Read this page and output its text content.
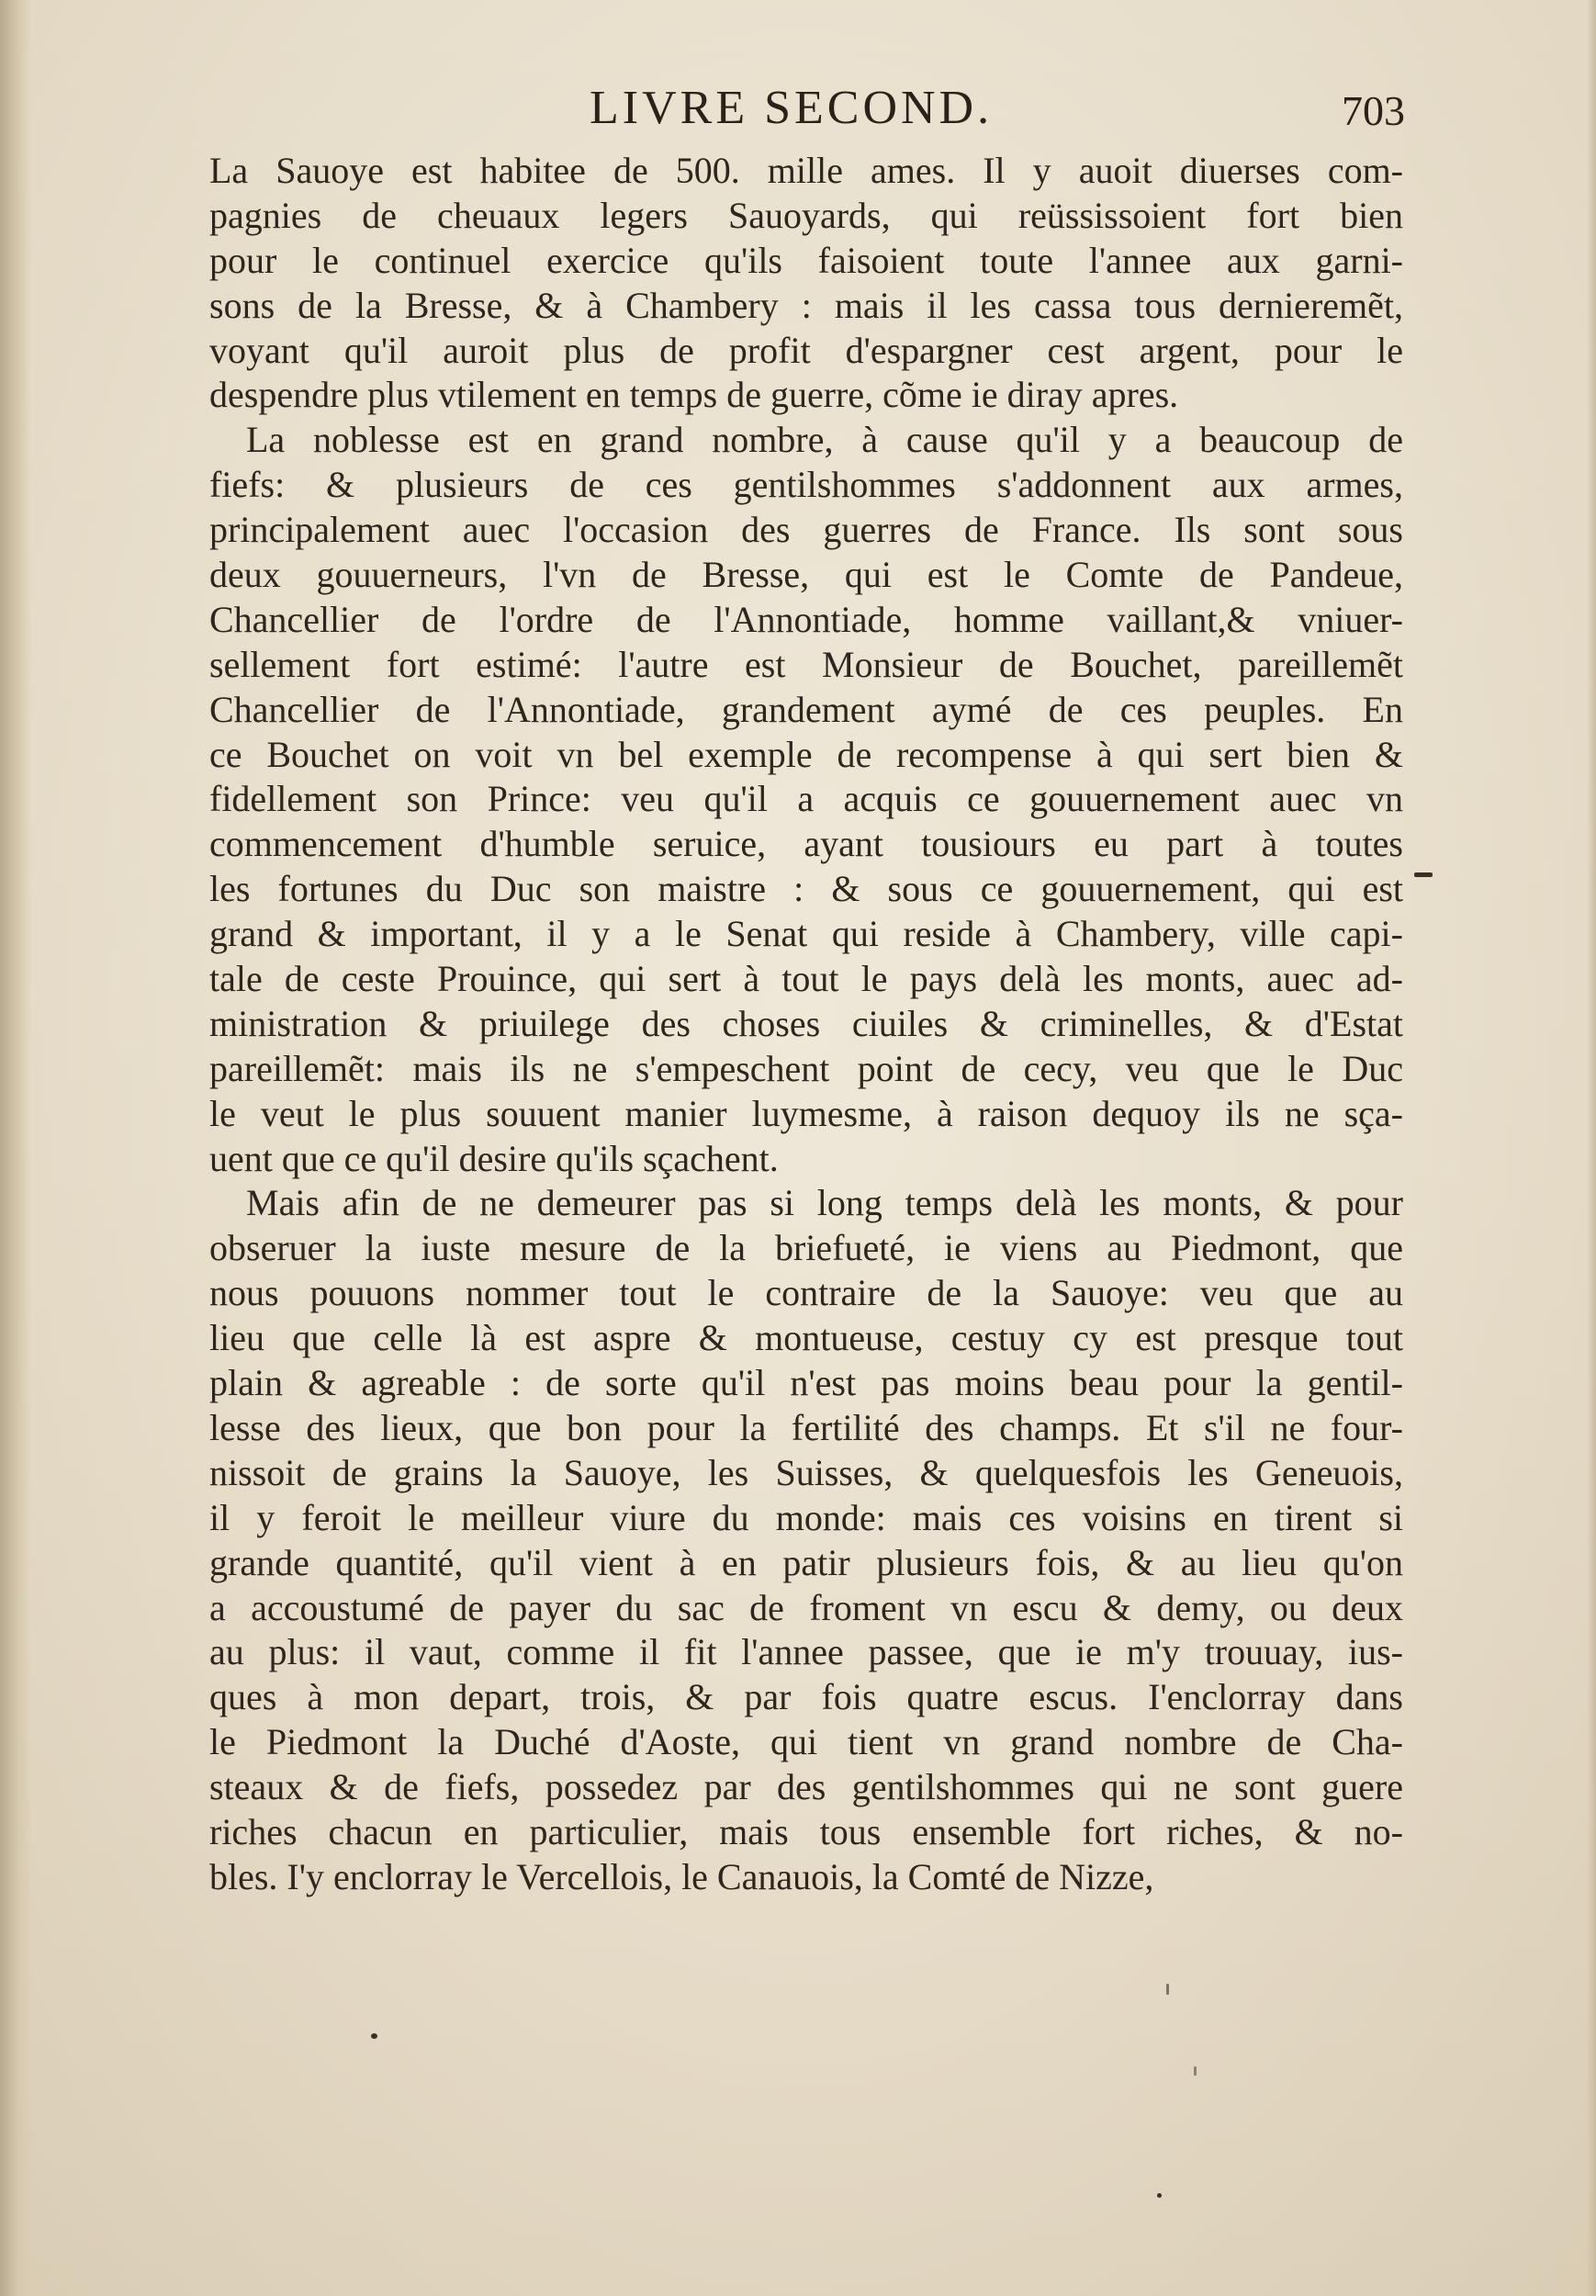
LIVRE SECOND.	703
La Sauoye est habitee de 500. mille ames. Il y auoit diuerses com-
pagnies de cheuaux legers Sauoyards, qui reüssissoient fort bien
pour le continuel exercice qu'ils faisoient toute l'annee aux garni-
sons de la Bresse, & à Chambery : mais il les cassa tous dernieremẽt,
voyant qu'il auroit plus de profit d'espargner cest argent, pour le
despendre plus vtilement en temps de guerre, cõme ie diray apres.
La noblesse est en grand nombre, à cause qu'il y a beaucoup de
fiefs: & plusieurs de ces gentilshommes s'addonnent aux armes,
principalement auec l'occasion des guerres de France. Ils sont sous
deux gouuerneurs, l'vn de Bresse, qui est le Comte de Pandeue,
Chancellier de l'ordre de l'Annontiade, homme vaillant,& vniuer-
sellement fort estimé: l'autre est Monsieur de Bouchet, pareillemẽt
Chancellier de l'Annontiade, grandement aymé de ces peuples. En
ce Bouchet on voit vn bel exemple de recompense à qui sert bien &
fidellement son Prince: veu qu'il a acquis ce gouuernement auec vn
commencement d'humble seruice, ayant tousiours eu part à toutes
les fortunes du Duc son maistre : & sous ce gouuernement, qui est
grand & important, il y a le Senat qui reside à Chambery, ville capi-
tale de ceste Prouince, qui sert à tout le pays delà les monts, auec ad-
ministration & priuilege des choses ciuiles & criminelles, & d'Estat
pareillemẽt: mais ils ne s'empeschent point de cecy, veu que le Duc
le veut le plus souuent manier luymesme, à raison dequoy ils ne sça-
uent que ce qu'il desire qu'ils sçachent.
Mais afin de ne demeurer pas si long temps delà les monts, & pour
obseruer la iuste mesure de la briefueté, ie viens au Piedmont, que
nous pouuons nommer tout le contraire de la Sauoye: veu que au
lieu que celle là est aspre & montueuse, cestuy cy est presque tout
plain & agreable : de sorte qu'il n'est pas moins beau pour la gentil-
lesse des lieux, que bon pour la fertilité des champs. Et s'il ne four-
nissoit de grains la Sauoye, les Suisses, & quelquesfois les Geneuois,
il y feroit le meilleur viure du monde: mais ces voisins en tirent si
grande quantité, qu'il vient à en patir plusieurs fois, & au lieu qu'on
a accoustumé de payer du sac de froment vn escu & demy, ou deux
au plus: il vaut, comme il fit l'annee passee, que ie m'y trouuay, ius-
ques à mon depart, trois, & par fois quatre escus. I'enclorray dans
le Piedmont la Duché d'Aoste, qui tient vn grand nombre de Cha-
steaux & de fiefs, possedez par des gentilshommes qui ne sont guere
riches chacun en particulier, mais tous ensemble fort riches, & no-
bles. I'y enclorray le Vercellois, le Canauois, la Comté de Nizze,
